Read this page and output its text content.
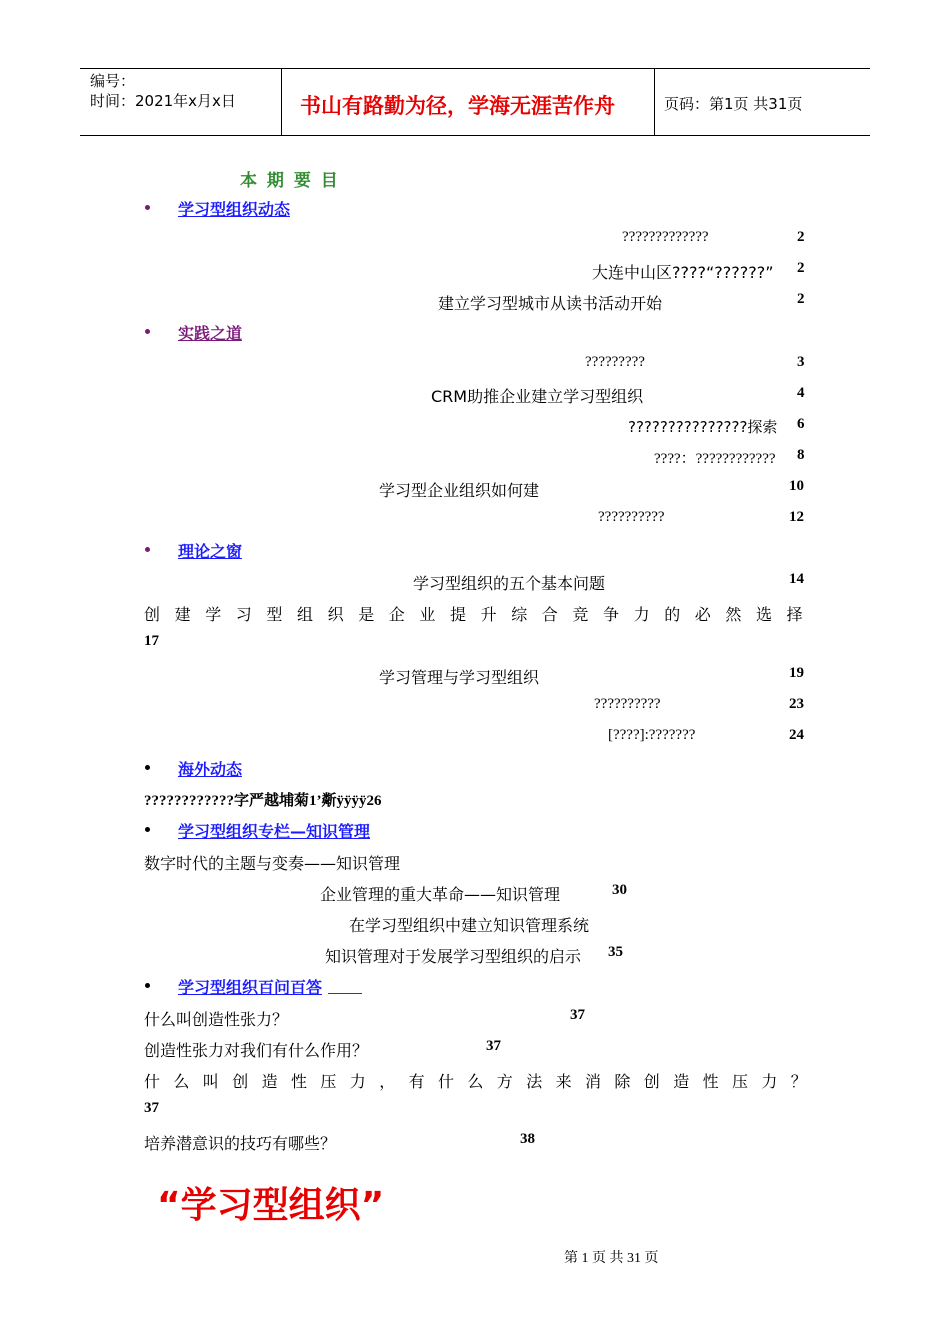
编号：
时间：2021年x月x日	书山有路勤为径，学海无涯苦作舟	页码：第1页 共31页
本 期 要 目
学习型组织动态
?????????????	2
大连中山区????“??????” 2
建立学习型城市从读书活动开始	2
实践之道
?????????	3
CRM助推企业建立学习型组织	4
???????????????探索 6
????：???????????? 8
学习型企业组织如何建	10
??????????	12
理论之窗
学习型组织的五个基本问题	14
创建学习型组织是企业提升综合竞争力的必然选择
17
学习管理与学习型组织	19
??????????	23
[????]:???????	24
海外动态
????????????字严越埔菊1’斴ÿÿÿÿ26
学习型组织专栏—知识管理
数字时代的主题与变奏——知识管理
企业管理的重大革命——知识管理	30
在学习型组织中建立知识管理系统
知识管理对于发展学习型组织的启示 35
学习型组织百问百答
什么叫创造性张力？	37
创造性张力对我们有什么作用？	37
什么叫创造性压力，有什么方法来消除创造性压力？
37
培养潜意识的技巧有哪些？	38
“学习型组织”
第 1 页 共 31 页
